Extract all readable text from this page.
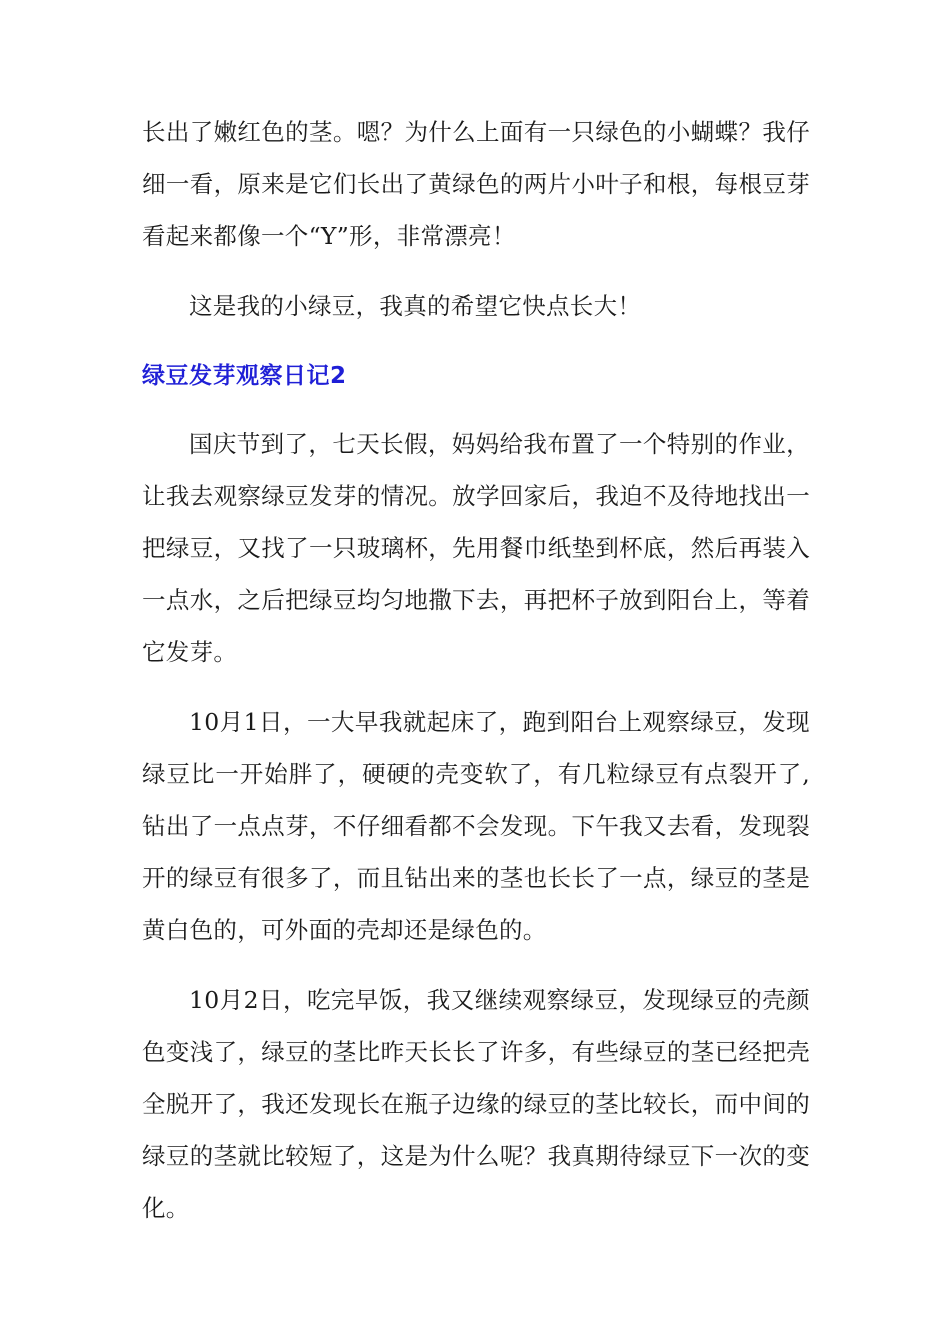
长出了嫩红色的茎。嗯？为什么上面有一只绿色的小蝴蝶？我仔细一看，原来是它们长出了黄绿色的两片小叶子和根，每根豆芽看起来都像一个“Y”形，非常漂亮！

这是我的小绿豆，我真的希望它快点长大！

绿豆发芽观察日记2

国庆节到了，七天长假，妈妈给我布置了一个特别的作业，让我去观察绿豆发芽的情况。放学回家后，我迫不及待地找出一把绿豆，又找了一只玻璃杯，先用餐巾纸垫到杯底，然后再装入一点水，之后把绿豆均匀地撒下去，再把杯子放到阳台上，等着它发芽。

10月1日，一大早我就起床了，跑到阳台上观察绿豆，发现绿豆比一开始胖了，硬硬的壳变软了，有几粒绿豆有点裂开了,钻出了一点点芽，不仔细看都不会发现。下午我又去看，发现裂开的绿豆有很多了，而且钻出来的茎也长长了一点，绿豆的茎是黄白色的，可外面的壳却还是绿色的。

10月2日，吃完早饭，我又继续观察绿豆，发现绿豆的壳颜色变浅了，绿豆的茎比昨天长长了许多，有些绿豆的茎已经把壳全脱开了，我还发现长在瓶子边缘的绿豆的茎比较长，而中间的绿豆的茎就比较短了，这是为什么呢？我真期待绿豆下一次的变化。
